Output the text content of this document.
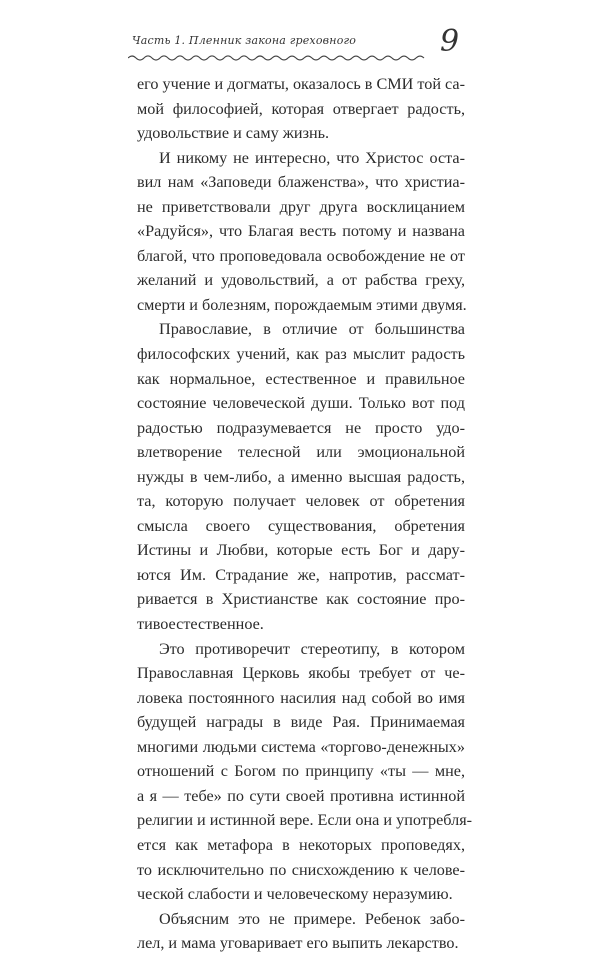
Часть 1. Пленник закона греховного	9
его учение и догматы, оказалось в СМИ той са-
мой философией, которая отвергает радость,
удовольствие и саму жизнь.
И никому не интересно, что Христос оста-
вил нам «Заповеди блаженства», что христиа-
не приветствовали друг друга восклицанием
«Радуйся», что Благая весть потому и названа
благой, что проповедовала освобождение не от
желаний и удовольствий, а от рабства греху,
смерти и болезням, порождаемым этими двумя.
Православие, в отличие от большинства
философских учений, как раз мыслит радость
как нормальное, естественное и правильное
состояние человеческой души. Только вот под
радостью подразумевается не просто удо-
влетворение телесной или эмоциональной
нужды в чем-либо, а именно высшая радость,
та, которую получает человек от обретения
смысла своего существования, обретения
Истины и Любви, которые есть Бог и дару-
ются Им. Страдание же, напротив, рассмат-
ривается в Христианстве как состояние про-
тивоестественное.
Это противоречит стереотипу, в котором
Православная Церковь якобы требует от че-
ловека постоянного насилия над собой во имя
будущей награды в виде Рая. Принимаемая
многими людьми система «торгово-денежных»
отношений с Богом по принципу «ты — мне,
а я — тебе» по сути своей противна истинной
религии и истинной вере. Если она и употребля-
ется как метафора в некоторых проповедях,
то исключительно по снисхождению к челове-
ческой слабости и человеческому неразумию.
Объясним это не примере. Ребенок забо-
лел, и мама уговаривает его выпить лекарство.
